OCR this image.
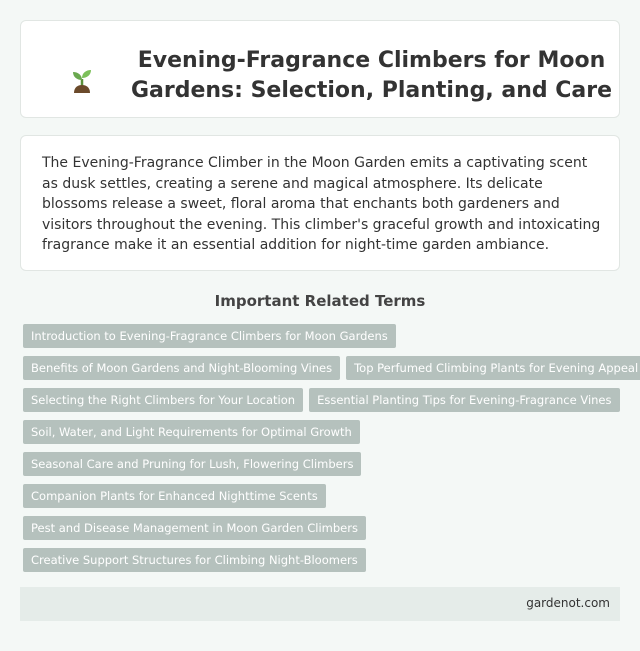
Evening-Fragrance Climbers for Moon Gardens: Selection, Planting, and Care

The Evening-Fragrance Climber in the Moon Garden emits a captivating scent as dusk settles, creating a serene and magical atmosphere. Its delicate blossoms release a sweet, floral aroma that enchants both gardeners and visitors throughout the evening. This climber's graceful growth and intoxicating fragrance make it an essential addition for night-time garden ambiance.

Important Related Terms
Introduction to Evening-Fragrance Climbers for Moon Gardens
Benefits of Moon Gardens and Night-Blooming Vines	Top Perfumed Climbing Plants for Evening Appeal
Selecting the Right Climbers for Your Location	Essential Planting Tips for Evening-Fragrance Vines
Soil, Water, and Light Requirements for Optimal Growth
Seasonal Care and Pruning for Lush, Flowering Climbers
Companion Plants for Enhanced Nighttime Scents
Pest and Disease Management in Moon Garden Climbers
Creative Support Structures for Climbing Night-Bloomers
gardenot.com
